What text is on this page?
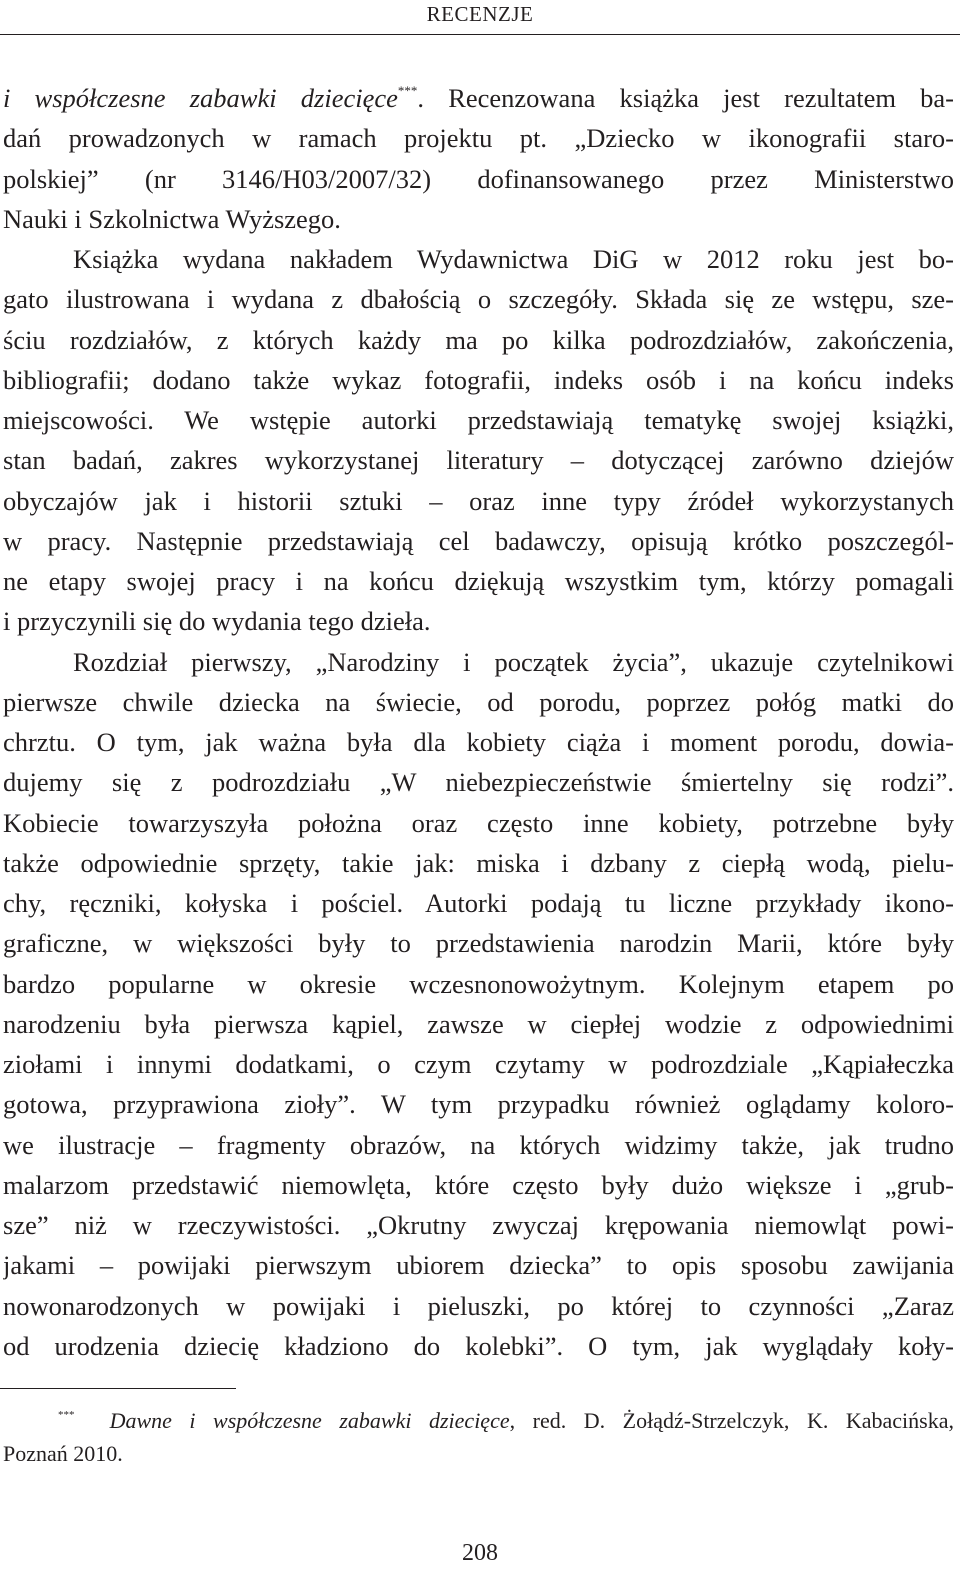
RECENZJE
i współczesne zabawki dziecięce***. Recenzowana książka jest rezultatem ba-
dań prowadzonych w ramach projektu pt. „Dziecko w ikonografii staro-
polskiej” (nr 3146/H03/2007/32) dofinansowanego przez Ministerstwo
Nauki i Szkolnictwa Wyższego.
Książka wydana nakładem Wydawnictwa DiG w 2012 roku jest bo-
gato ilustrowana i wydana z dbałością o szczegóły. Składa się ze wstępu, sze-
ściu rozdziałów, z których każdy ma po kilka podrozdziałów, zakończenia,
bibliografii; dodano także wykaz fotografii, indeks osób i na końcu indeks
miejscowości. We wstępie autorki przedstawiają tematykę swojej książki,
stan badań, zakres wykorzystanej literatury – dotyczącej zarówno dziejów
obyczajów jak i historii sztuki – oraz inne typy źródeł wykorzystanych
w pracy. Następnie przedstawiają cel badawczy, opisują krótko poszczegól-
ne etapy swojej pracy i na końcu dziękują wszystkim tym, którzy pomagali
i przyczynili się do wydania tego dzieła.
Rozdział pierwszy, „Narodziny i początek życia”, ukazuje czytelnikowi
pierwsze chwile dziecka na świecie, od porodu, poprzez połóg matki do
chrztu. O tym, jak ważna była dla kobiety ciąża i moment porodu, dowia-
dujemy się z podrozdziału „W niebezpieczeństwie śmiertelny się rodzi”.
Kobiecie towarzyszyła położna oraz często inne kobiety, potrzebne były
także odpowiednie sprzęty, takie jak: miska i dzbany z ciepłą wodą, pielu-
chy, ręczniki, kołyska i pościel. Autorki podają tu liczne przykłady ikono-
graficzne, w większości były to przedstawienia narodzin Marii, które były
bardzo popularne w okresie wczesnonowożytnym. Kolejnym etapem po
narodzeniu była pierwsza kąpiel, zawsze w ciepłej wodzie z odpowiednimi
ziołami i innymi dodatkami, o czym czytamy w podrozdziale „Kąpiałeczka
gotowa, przyprawiona zioły”. W tym przypadku również oglądamy koloro-
we ilustracje – fragmenty obrazów, na których widzimy także, jak trudno
malarzom przedstawić niemowlęta, które często były dużo większe i „grub-
sze” niż w rzeczywistości. „Okrutny zwyczaj krępowania niemowląt powi-
jakami – powijaki pierwszym ubiorem dziecka” to opis sposobu zawijania
nowonarodzonych w powijaki i pieluszki, po której to czynności „Zaraz
od urodzenia dziecię kładziono do kolebki”. O tym, jak wyglądały koły-
*** Dawne i współczesne zabawki dziecięce, red. D. Żołądź-Strzelczyk, K. Kabacińska,
Poznań 2010.
208
